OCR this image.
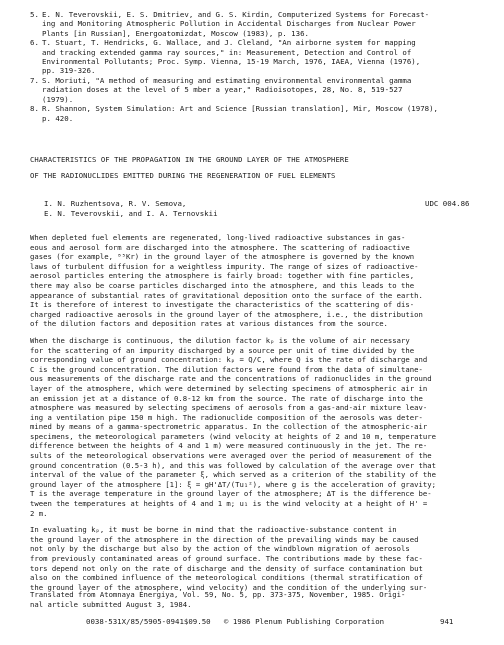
5. E. N. Teverovskii, E. S. Dmitriev, and G. S. Kirdin, Computerized Systems for Forecast-
ing and Monitoring Atmospheric Pollution in Accidental Discharges from Nuclear Power
Plants [in Russian], Energoatomizdat, Moscow (1983), p. 136.
6. T. Stuart, T. Hendricks, G. Wallace, and J. Cleland, "An airborne system for mapping
and tracking extended gamma ray sources," in: Measurement, Detection and Control of
Environmental Pollutants; Proc. Symp. Vienna, 15-19 March, 1976, IAEA, Vienna (1976),
pp. 319-326.
7. S. Moriuti, "A method of measuring and estimating environmental environmental gamma
radiation doses at the level of 5 mber a year," Radioisotopes, 28, No. 8, 519-527
(1979).
8. R. Shannon, System Simulation: Art and Science [Russian translation], Mir, Moscow (1978),
p. 420.
CHARACTERISTICS OF THE PROPAGATION IN THE GROUND LAYER OF THE ATMOSPHERE
OF THE RADIONUCLIDES EMITTED DURING THE REGENERATION OF FUEL ELEMENTS
I. N. Ruzhentsova, R. V. Semova,
E. N. Teverovskii, and I. A. Ternovskii
UDC 004.86

When depleted fuel elements are regenerated, long-lived radioactive substances in gas-
eous and aerosol form are discharged into the atmosphere. The scattering of radioactive
gases (for example, ⁸⁵Kr) in the ground layer of the atmosphere is governed by the known
laws of turbulent diffusion for a weightless impurity. The range of sizes of radioactive-
aerosol particles entering the atmosphere is fairly broad: together with fine particles,
there may also be coarse particles discharged into the atmosphere, and this leads to the
appearance of substantial rates of gravitational deposition onto the surface of the earth.
It is therefore of interest to investigate the characteristics of the scattering of dis-
charged radioactive aerosols in the ground layer of the atmosphere, i.e., the distribution
of the dilution factors and deposition rates at various distances from the source.

When the discharge is continuous, the dilution factor kₚ is the volume of air necessary
for the scattering of an impurity discharged by a source per unit of time divided by the
corresponding value of ground concentration: kₚ = Q/C, where Q is the rate of discharge and
C is the ground concentration. The dilution factors were found from the data of simultane-
ous measurements of the discharge rate and the concentrations of radionuclides in the ground
layer of the atmosphere, which were determined by selecting specimens of atmospheric air in
an emission jet at a distance of 0.8-12 km from the source. The rate of discharge into the
atmosphere was measured by selecting specimens of aerosols from a gas-and-air mixture leav-
ing a ventilation pipe 150 m high. The radionuclide composition of the aerosols was deter-
mined by means of a gamma-spectrometric apparatus. In the collection of the atmospheric-air
specimens, the meteorological parameters (wind velocity at heights of 2 and 10 m, temperature
difference between the heights of 4 and 1 m) were measured continuously in the jet. The re-
sults of the meteorological observations were averaged over the period of measurement of the
ground concentration (0.5-3 h), and this was followed by calculation of the average over that
interval of the value of the parameter ξ, which served as a criterion of the stability of the
ground layer of the atmosphere [1]: ξ = gH'ΔT/(Tu₁²), where g is the acceleration of gravity;
T is the average temperature in the ground layer of the atmosphere; ΔT is the difference be-
tween the temperatures at heights of 4 and 1 m; u₁ is the wind velocity at a height of H' =
2 m.

In evaluating kₚ, it must be borne in mind that the radioactive-substance content in
the ground layer of the atmosphere in the direction of the prevailing winds may be caused
not only by the discharge but also by the action of the windblown migration of aerosols
from previously contaminated areas of ground surface. The contributions made by these fac-
tors depend not only on the rate of discharge and the density of surface contamination but
also on the combined influence of the meteorological conditions (thermal stratification of
the ground layer of the atmosphere, wind velocity) and the condition of the underlying sur-

Translated from Atomnaya Énergiya, Vol. 59, No. 5, pp. 373-375, November, 1985. Origi-
nal article submitted August 3, 1984.
0038-531X/85/5905-0941$09.50   © 1986 Plenum Publishing Corporation	941
